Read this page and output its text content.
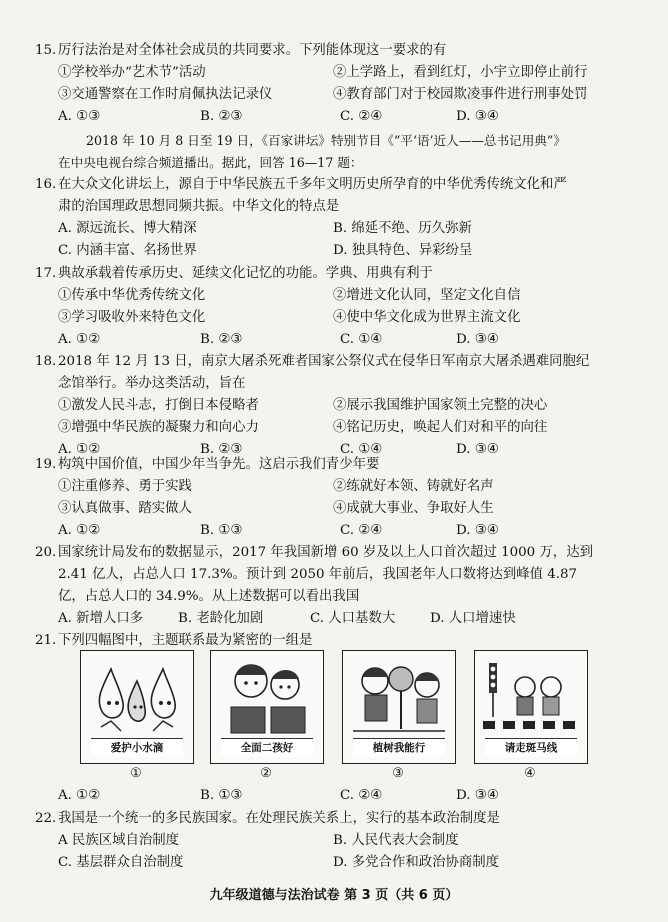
15. 厉行法治是对全体社会成员的共同要求。下列能体现这一要求的有
①学校举办“艺术节”活动	②上学路上，看到红灯，小宇立即停止前行
③交通警察在工作时肩佩执法记录仪	④教育部门对于校园欺凌事件进行刑事处罚
A. ①③	B. ②③	C. ②④	D. ③④
2018 年 10 月 8 日至 19 日，《百家讲坛》特别节目《“平‘语’近人——总书记用典”》
在中央电视台综合频道播出。据此，回答 16—17 题：
16. 在大众文化讲坛上，源自于中华民族五千多年文明历史所孕育的中华优秀传统文化和严
肃的治国理政思想同频共振。中华文化的特点是
A. 源远流长、博大精深	B. 绵延不绝、历久弥新
C. 内涵丰富、名扬世界	D. 独具特色、异彩纷呈
17. 典故承载着传承历史、延续文化记忆的功能。学典、用典有利于
①传承中华优秀传统文化	②增进文化认同，坚定文化自信
③学习吸收外来特色文化	④使中华文化成为世界主流文化
A. ①②	B. ②③	C. ①④	D. ③④
18. 2018 年 12 月 13 日，南京大屠杀死难者国家公祭仪式在侵华日军南京大屠杀遇难同胞纪
念馆举行。举办这类活动，旨在
①激发人民斗志，打倒日本侵略者	②展示我国维护国家领土完整的决心
③增强中华民族的凝聚力和向心力	④铭记历史，唤起人们对和平的向往
A. ①②	B. ②③	C. ①④	D. ③④
19. 构筑中国价值，中国少年当争先。这启示我们青少年要
①注重修养、勇于实践	②练就好本领、铸就好名声
③认真做事、踏实做人	④成就大事业、争取好人生
A. ①②	B. ①③	C. ②④	D. ③④
20. 国家统计局发布的数据显示，2017 年我国新增 60 岁及以上人口首次超过 1000 万，达到
2.41 亿人，占总人口 17.3%。预计到 2050 年前后，我国老年人口数将达到峰值 4.87
亿，占总人口的 34.9%。从上述数据可以看出我国
A. 新增人口多	B. 老龄化加剧	C. 人口基数大	D. 人口增速快
21. 下列四幅图中，主题联系最为紧密的一组是
爱护小水滴	全面二孩好	植树我能行	请走斑马线
①	②	③	④
A. ①②	B. ①③	C. ②④	D. ③④
22. 我国是一个统一的多民族国家。在处理民族关系上，实行的基本政治制度是
A 民族区域自治制度	B. 人民代表大会制度
C. 基层群众自治制度	D. 多党合作和政治协商制度
九年级道德与法治试卷 第 3 页（共 6 页）
